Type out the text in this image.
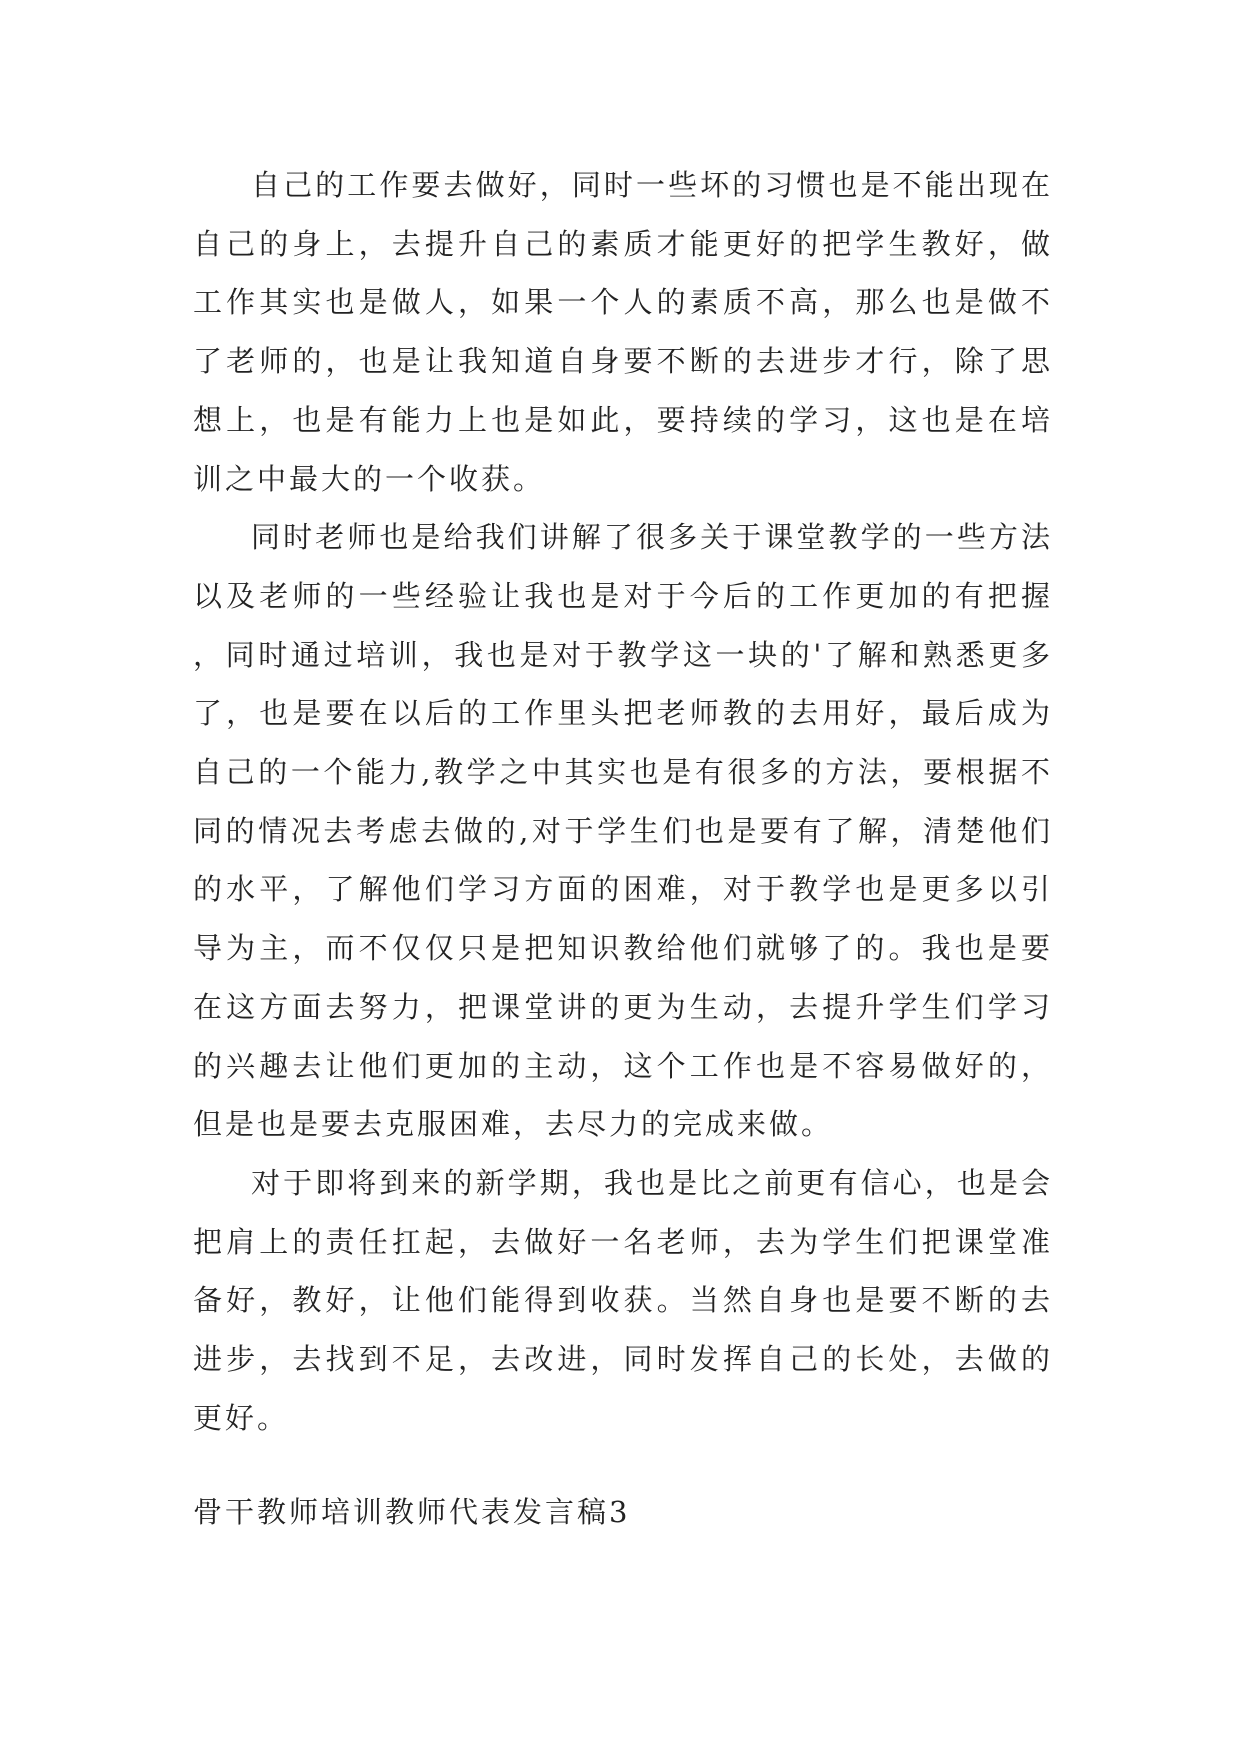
自己的工作要去做好，同时一些坏的习惯也是不能出现在自己的身上，去提升自己的素质才能更好的把学生教好，做工作其实也是做人，如果一个人的素质不高，那么也是做不了老师的，也是让我知道自身要不断的去进步才行，除了思想上，也是有能力上也是如此，要持续的学习，这也是在培训之中最大的一个收获。

同时老师也是给我们讲解了很多关于课堂教学的一些方法以及老师的一些经验让我也是对于今后的工作更加的有把握，同时通过培训，我也是对于教学这一块的'了解和熟悉更多了，也是要在以后的工作里头把老师教的去用好，最后成为自己的一个能力,教学之中其实也是有很多的方法，要根据不同的情况去考虑去做的,对于学生们也是要有了解，清楚他们的水平，了解他们学习方面的困难，对于教学也是更多以引导为主，而不仅仅只是把知识教给他们就够了的。我也是要在这方面去努力，把课堂讲的更为生动，去提升学生们学习的兴趣去让他们更加的主动，这个工作也是不容易做好的，但是也是要去克服困难，去尽力的完成来做。

对于即将到来的新学期，我也是比之前更有信心，也是会把肩上的责任扛起，去做好一名老师，去为学生们把课堂准备好，教好，让他们能得到收获。当然自身也是要不断的去进步，去找到不足，去改进，同时发挥自己的长处，去做的更好。

骨干教师培训教师代表发言稿3
